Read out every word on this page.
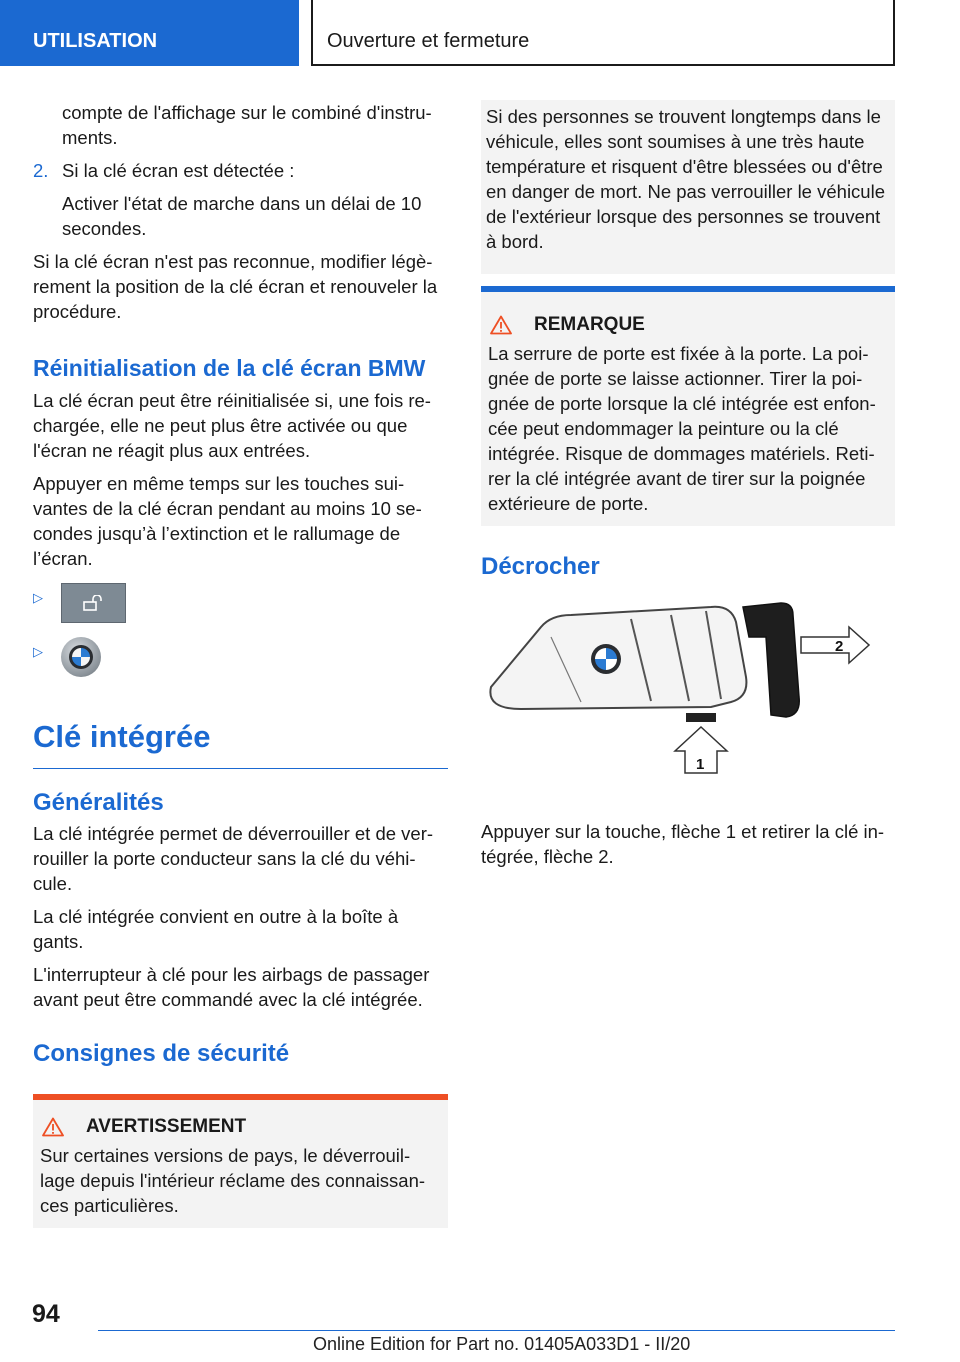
UTILISATION	Ouverture et fermeture

compte de l'affichage sur le combiné d'instru-ments.

2. Si la clé écran est détectée :

Activer l'état de marche dans un délai de 10 secondes.

Si la clé écran n'est pas reconnue, modifier légè-rement la position de la clé écran et renouveler la procédure.

Réinitialisation de la clé écran BMW

La clé écran peut être réinitialisée si, une fois re-chargée, elle ne peut plus être activée ou que l'écran ne réagit plus aux entrées.

Appuyer en même temps sur les touches sui-vantes de la clé écran pendant au moins 10 se-condes jusqu’à l’extinction et le rallumage de l’écran.

▷
▷
Clé intégrée
Généralités

La clé intégrée permet de déverrouiller et de ver-rouiller la porte conducteur sans la clé du véhi-cule.

La clé intégrée convient en outre à la boîte à gants.

L'interrupteur à clé pour les airbags de passager avant peut être commandé avec la clé intégrée.

Consignes de sécurité
AVERTISSEMENT

Sur certaines versions de pays, le déverrouil-lage depuis l'intérieur réclame des connaissan-ces particulières.

Si des personnes se trouvent longtemps dans le véhicule, elles sont soumises à une très haute température et risquent d'être blessées ou d'être en danger de mort. Ne pas verrouiller le véhicule de l'extérieur lorsque des personnes se trouvent à bord.

REMARQUE

La serrure de porte est fixée à la porte. La poi-gnée de porte se laisse actionner. Tirer la poi-gnée de porte lorsque la clé intégrée est enfon-cée peut endommager la peinture ou la clé intégrée. Risque de dommages matériels. Reti-rer la clé intégrée avant de tirer sur la poignée extérieure de porte.

Décrocher
2
1

Appuyer sur la touche, flèche 1 et retirer la clé in-tégrée, flèche 2.

94
Online Edition for Part no. 01405A033D1 - II/20
